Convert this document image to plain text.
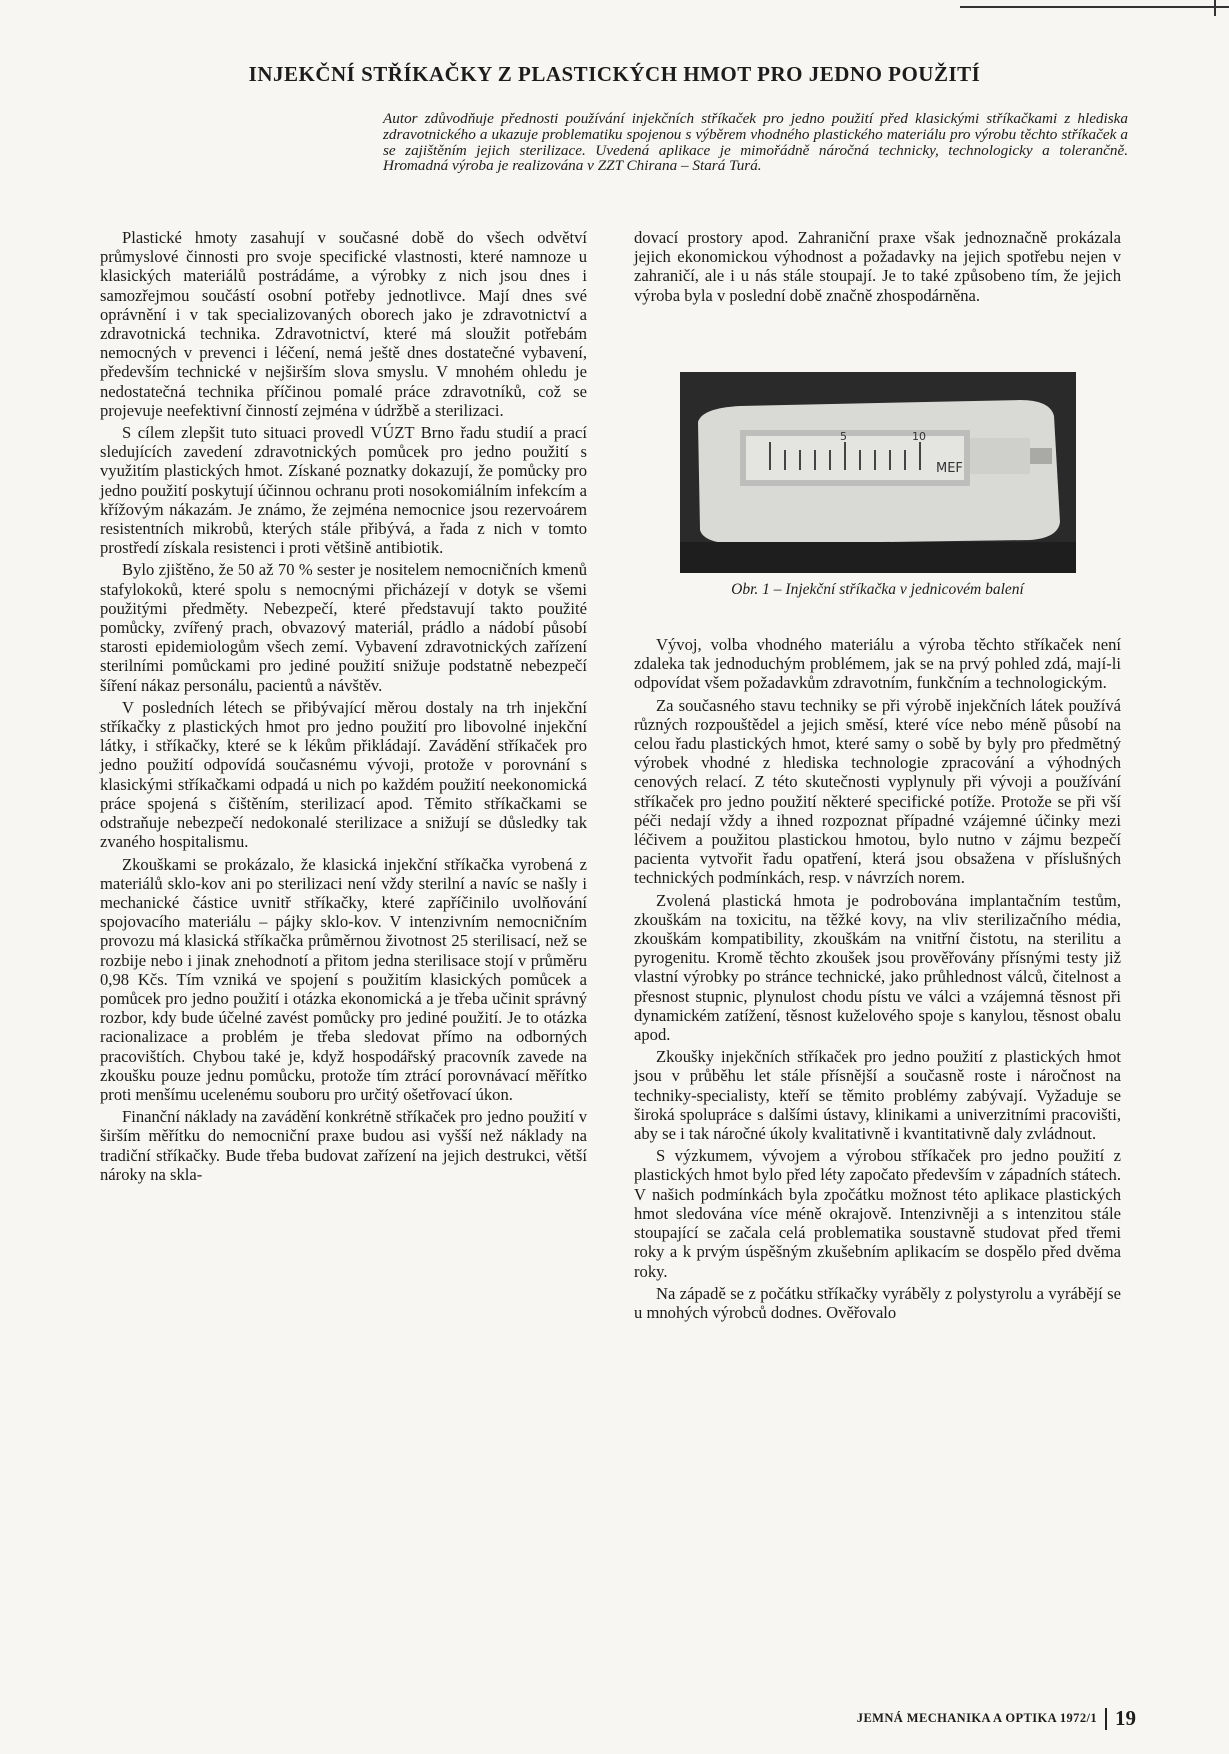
INJEKČNÍ STŘÍKAČKY Z PLASTICKÝCH HMOT PRO JEDNO POUŽITÍ

Autor zdůvodňuje přednosti používání injekčních stříkaček pro jedno použití před klasickými stříkačkami z hlediska zdravotnického a ukazuje problematiku spojenou s výběrem vhodného plastického materiálu pro výrobu těchto stříkaček a se zajištěním jejich sterilizace. Uvedená aplikace je mimořádně náročná technicky, technologicky a tolerančně. Hromadná výroba je realizována v ZZT Chirana – Stará Turá.

Plastické hmoty zasahují v současné době do všech odvětví průmyslové činnosti pro svoje specifické vlastnosti, které namnoze u klasických materiálů postrádáme, a výrobky z nich jsou dnes i samozřejmou součástí osobní potřeby jednotlivce. Mají dnes své oprávnění i v tak specializovaných oborech jako je zdravotnictví a zdravotnická technika. Zdravotnictví, které má sloužit potřebám nemocných v prevenci i léčení, nemá ještě dnes dostatečné vybavení, především technické v nejširším slova smyslu. V mnohém ohledu je nedostatečná technika příčinou pomalé práce zdravotníků, což se projevuje neefektivní činností zejména v údržbě a sterilizaci.

S cílem zlepšit tuto situaci provedl VÚZT Brno řadu studií a prací sledujících zavedení zdravotnických pomůcek pro jedno použití s využitím plastických hmot. Získané poznatky dokazují, že pomůcky pro jedno použití poskytují účinnou ochranu proti nosokomiálním infekcím a křížovým nákazám. Je známo, že zejména nemocnice jsou rezervoárem resistentních mikrobů, kterých stále přibývá, a řada z nich v tomto prostředí získala resistenci i proti většině antibiotik.

Bylo zjištěno, že 50 až 70 % sester je nositelem nemocničních kmenů stafylokoků, které spolu s nemocnými přicházejí v dotyk se všemi použitými předměty. Nebezpečí, které představují takto použité pomůcky, zvířený prach, obvazový materiál, prádlo a nádobí působí starosti epidemiologům všech zemí. Vybavení zdravotnických zařízení sterilními pomůckami pro jediné použití snižuje podstatně nebezpečí šíření nákaz personálu, pacientů a návštěv.

V posledních létech se přibývající měrou dostaly na trh injekční stříkačky z plastických hmot pro jedno použití pro libovolné injekční látky, i stříkačky, které se k lékům přikládají. Zavádění stříkaček pro jedno použití odpovídá současnému vývoji, protože v porovnání s klasickými stříkačkami odpadá u nich po každém použití neekonomická práce spojená s čištěním, sterilizací apod. Těmito stříkačkami se odstraňuje nebezpečí nedokonalé sterilizace a snižují se důsledky tak zvaného hospitalismu.

Zkouškami se prokázalo, že klasická injekční stříkačka vyrobená z materiálů sklo-kov ani po sterilizaci není vždy sterilní a navíc se našly i mechanické částice uvnitř stříkačky, které zapříčinilo uvolňování spojovacího materiálu – pájky sklo-kov. V intenzivním nemocničním provozu má klasická stříkačka průměrnou životnost 25 sterilisací, než se rozbije nebo i jinak znehodnotí a přitom jedna sterilisace stojí v průměru 0,98 Kčs. Tím vzniká ve spojení s použitím klasických pomůcek a pomůcek pro jedno použití i otázka ekonomická a je třeba učinit správný rozbor, kdy bude účelné zavést pomůcky pro jediné použití. Je to otázka racionalizace a problém je třeba sledovat přímo na odborných pracovištích. Chybou také je, když hospodářský pracovník zavede na zkoušku pouze jednu pomůcku, protože tím ztrácí porovnávací měřítko proti menšímu ucelenému souboru pro určitý ošetřovací úkon.

Finanční náklady na zavádění konkrétně stříkaček pro jedno použití v širším měřítku do nemocniční praxe budou asi vyšší než náklady na tradiční stříkačky. Bude třeba budovat zařízení na jejich destrukci, větší nároky na skla-

dovací prostory apod. Zahraniční praxe však jednoznačně prokázala jejich ekonomickou výhodnost a požadavky na jejich spotřebu nejen v zahraničí, ale i u nás stále stoupají. Je to také způsobeno tím, že jejich výroba byla v poslední době značně zhospodárněna.

5	10
MEF

Obr. 1 – Injekční stříkačka v jednicovém balení

Vývoj, volba vhodného materiálu a výroba těchto stříkaček není zdaleka tak jednoduchým problémem, jak se na prvý pohled zdá, mají-li odpovídat všem požadavkům zdravotním, funkčním a technologickým.

Za současného stavu techniky se při výrobě injekčních látek používá různých rozpouštědel a jejich směsí, které více nebo méně působí na celou řadu plastických hmot, které samy o sobě by byly pro předmětný výrobek vhodné z hlediska technologie zpracování a výhodných cenových relací. Z této skutečnosti vyplynuly při vývoji a používání stříkaček pro jedno použití některé specifické potíže. Protože se při vší péči nedají vždy a ihned rozpoznat případné vzájemné účinky mezi léčivem a použitou plastickou hmotou, bylo nutno v zájmu bezpečí pacienta vytvořit řadu opatření, která jsou obsažena v příslušných technických podmínkách, resp. v návrzích norem.

Zvolená plastická hmota je podrobována implantačním testům, zkouškám na toxicitu, na těžké kovy, na vliv sterilizačního média, zkouškám kompatibility, zkouškám na vnitřní čistotu, na sterilitu a pyrogenitu. Kromě těchto zkoušek jsou prověřovány přísnými testy již vlastní výrobky po stránce technické, jako průhlednost válců, čitelnost a přesnost stupnic, plynulost chodu pístu ve válci a vzájemná těsnost při dynamickém zatížení, těsnost kuželového spoje s kanylou, těsnost obalu apod.

Zkoušky injekčních stříkaček pro jedno použití z plastických hmot jsou v průběhu let stále přísnější a současně roste i náročnost na techniky-specialisty, kteří se těmito problémy zabývají. Vyžaduje se široká spolupráce s dalšími ústavy, klinikami a univerzitními pracovišti, aby se i tak náročné úkoly kvalitativně i kvantitativně daly zvládnout.

S výzkumem, vývojem a výrobou stříkaček pro jedno použití z plastických hmot bylo před léty započato především v západních státech. V našich podmínkách byla zpočátku možnost této aplikace plastických hmot sledována více méně okrajově. Intenzivněji a s intenzitou stále stoupající se začala celá problematika soustavně studovat před třemi roky a k prvým úspěšným zkušebním aplikacím se dospělo před dvěma roky.

Na západě se z počátku stříkačky vyráběly z polystyrolu a vyrábějí se u mnohých výrobců dodnes. Ověřovalo

JEMNÁ MECHANIKA A OPTIKA 1972/1 19
